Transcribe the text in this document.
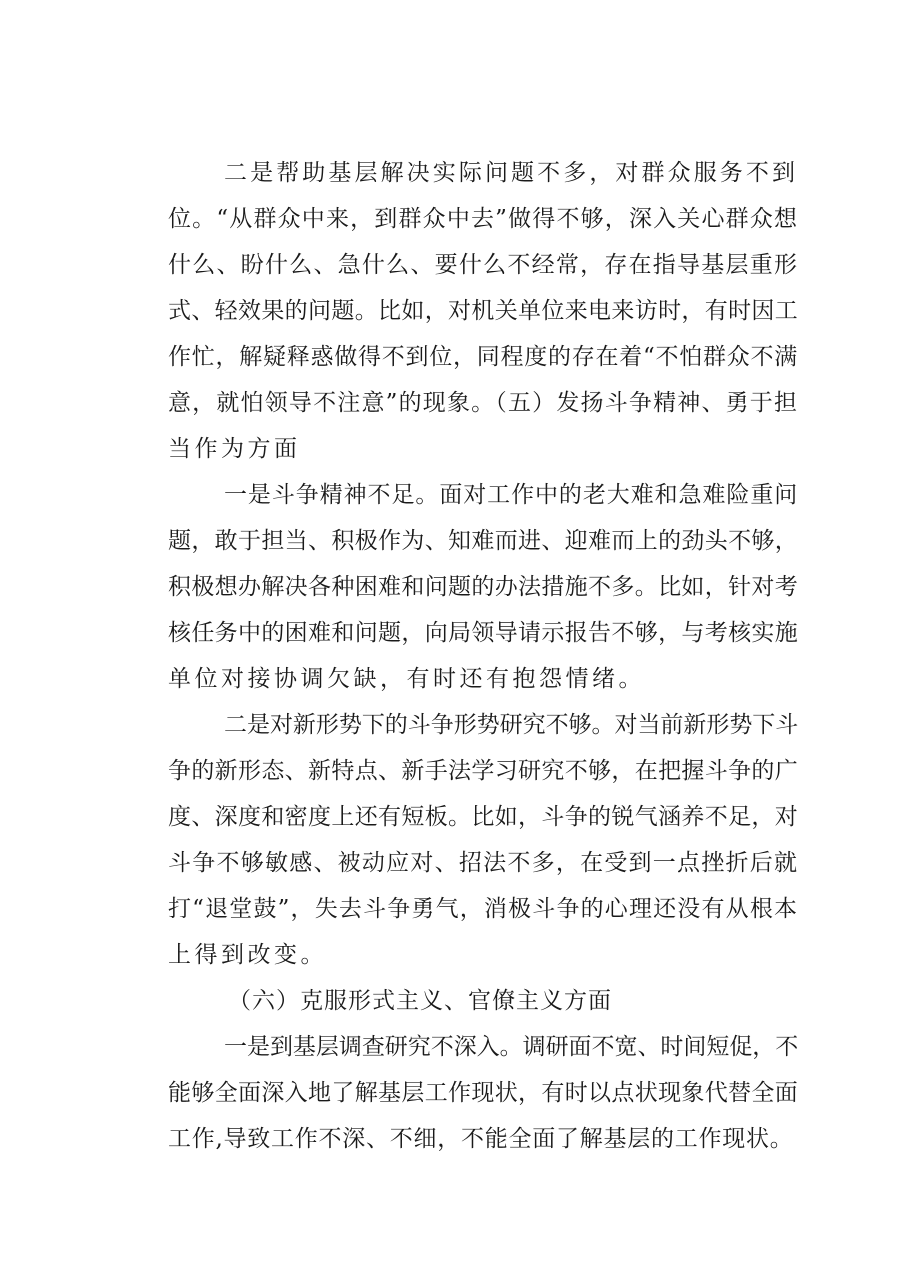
二是帮助基层解决实际问题不多，对群众服务不到
位。“从群众中来，到群众中去”做得不够，深入关心群众想
什么、盼什么、急什么、要什么不经常，存在指导基层重形
式、轻效果的问题。比如，对机关单位来电来访时，有时因工
作忙，解疑释惑做得不到位，同程度的存在着“不怕群众不满
意，就怕领导不注意”的现象。（五）发扬斗争精神、勇于担
当作为方面
一是斗争精神不足。面对工作中的老大难和急难险重问
题，敢于担当、积极作为、知难而进、迎难而上的劲头不够，
积极想办解决各种困难和问题的办法措施不多。比如，针对考
核任务中的困难和问题，向局领导请示报告不够，与考核实施
单位对接协调欠缺，有时还有抱怨情绪。
二是对新形势下的斗争形势研究不够。对当前新形势下斗
争的新形态、新特点、新手法学习研究不够，在把握斗争的广
度、深度和密度上还有短板。比如，斗争的锐气涵养不足，对
斗争不够敏感、被动应对、招法不多，在受到一点挫折后就
打“退堂鼓”，失去斗争勇气，消极斗争的心理还没有从根本
上得到改变。
（六）克服形式主义、官僚主义方面
一是到基层调查研究不深入。调研面不宽、时间短促，不
能够全面深入地了解基层工作现状，有时以点状现象代替全面
工作,导致工作不深、不细，不能全面了解基层的工作现状。
